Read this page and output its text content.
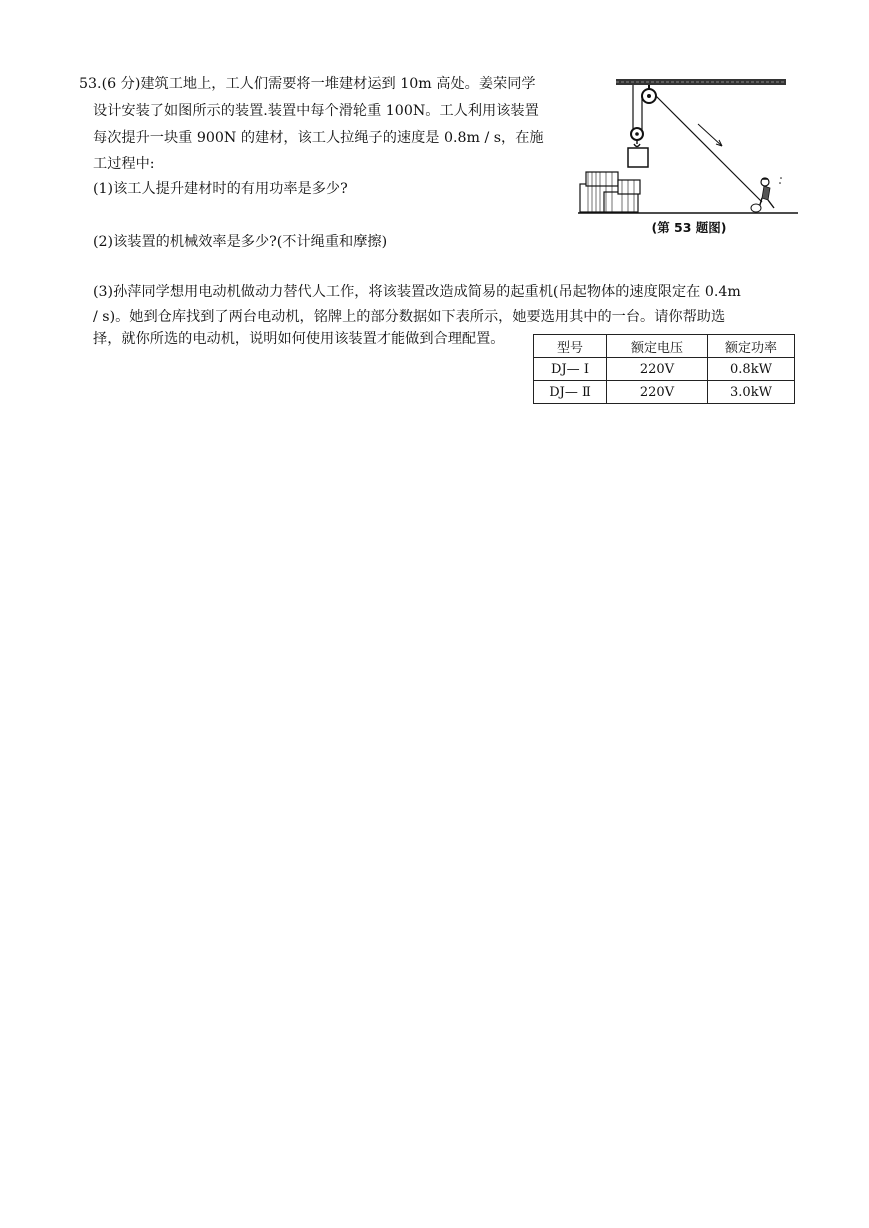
53.(6 分)建筑工地上，工人们需要将一堆建材运到 10m 高处。姜荣同学
设计安装了如图所示的装置.装置中每个滑轮重 100N。工人利用该装置
每次提升一块重 900N 的建材，该工人拉绳子的速度是 0.8m / s，在施
工过程中:
(1)该工人提升建材时的有用功率是多少?
(2)该装置的机械效率是多少?(不计绳重和摩擦)
(3)孙萍同学想用电动机做动力替代人工作，将该装置改造成简易的起重机(吊起物体的速度限定在 0.4m
/ s)。她到仓库找到了两台电动机，铭牌上的部分数据如下表所示，她要选用其中的一台。请你帮助选
择，就你所选的电动机，说明如何使用该装置才能做到合理配置。
(第 53 题图)
型号	额定电压	额定功率
DJ— Ⅰ	220V	0.8kW
DJ— Ⅱ	220V	3.0kW
